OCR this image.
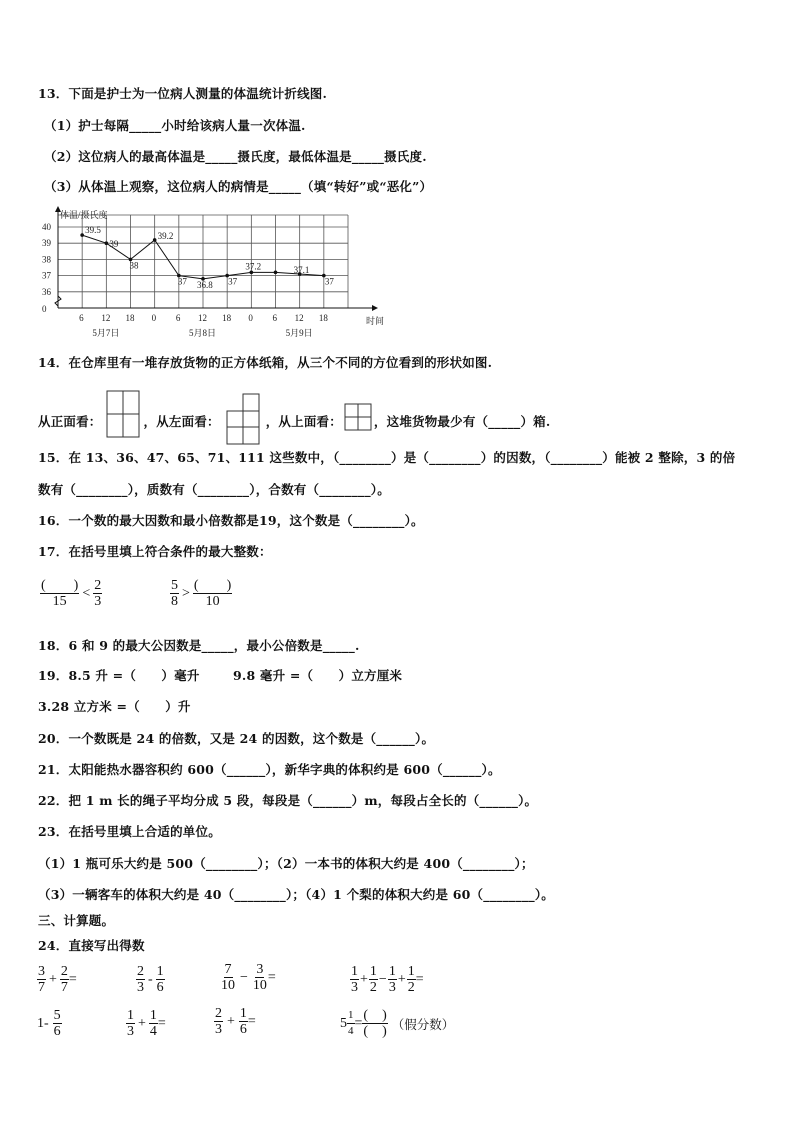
13．下面是护士为一位病人测量的体温统计折线图.
（1）护士每隔_____小时给该病人量一次体温.
（2）这位病人的最高体温是_____摄氏度，最低体温是_____摄氏度.
（3）从体温上观察，这位病人的病情是_____（填“转好”或“恶化”）
体温/摄氏度
时间
0
36
37
38
39
40
6 12 18 0 6 12 18 0 6 12 18
5月7日	5月8日	5月9日
39.5
39
38
39.2
37 36.8 37
37.2	37.1
37
14．在仓库里有一堆存放货物的正方体纸箱，从三个不同的方位看到的形状如图.
从正面看：	，从左面看：	，从上面看：	，这堆货物最少有（_____）箱.
15．在 13、36、47、65、71、111 这些数中，（________）是（________）的因数，（________）能被 2 整除，3 的倍
数有（________），质数有（________），合数有（________）。
16．一个数的最大因数和最小倍数都是19，这个数是（________）。
17．在括号里填上符合条件的最大整数：
$\frac{( )}{15} < \frac{2}{3}$	$\frac{5}{8} > \frac{( )}{10}$
18．6 和 9 的最大公因数是_____，最小公倍数是_____.
19．8.5 升 =（　　）毫升	9.8 毫升 =（　　）立方厘米
3.28 立方米 =（　　）升
20．一个数既是 24 的倍数，又是 24 的因数，这个数是（______）。
21．太阳能热水器容积约 600（______），新华字典的体积约是 600（______）。
22．把 1 m 长的绳子平均分成 5 段，每段是（______）m，每段占全长的（______）。
23．在括号里填上合适的单位。
（1）1 瓶可乐大约是 500（________）；（2）一本书的体积大约是 400（________）；
（3）一辆客车的体积大约是 40（________）；（4）1 个梨的体积大约是 60（________）。
三、计算题。
24．直接写出得数
$\frac{3}{7} + \frac{2}{7}$ =	$\frac{2}{3} - \frac{1}{6}$	$\frac{7}{10} - \frac{3}{10}$ =	$\frac{1}{3} + \frac{1}{2} - \frac{1}{3} + \frac{1}{2}$ =
$1- \frac{5}{6}$	$\frac{1}{3} + \frac{1}{4}$ =	$\frac{2}{3} + \frac{1}{6}$ =	$5 \frac{1}{4} = \frac{( )}{( )}$ （假分数）
